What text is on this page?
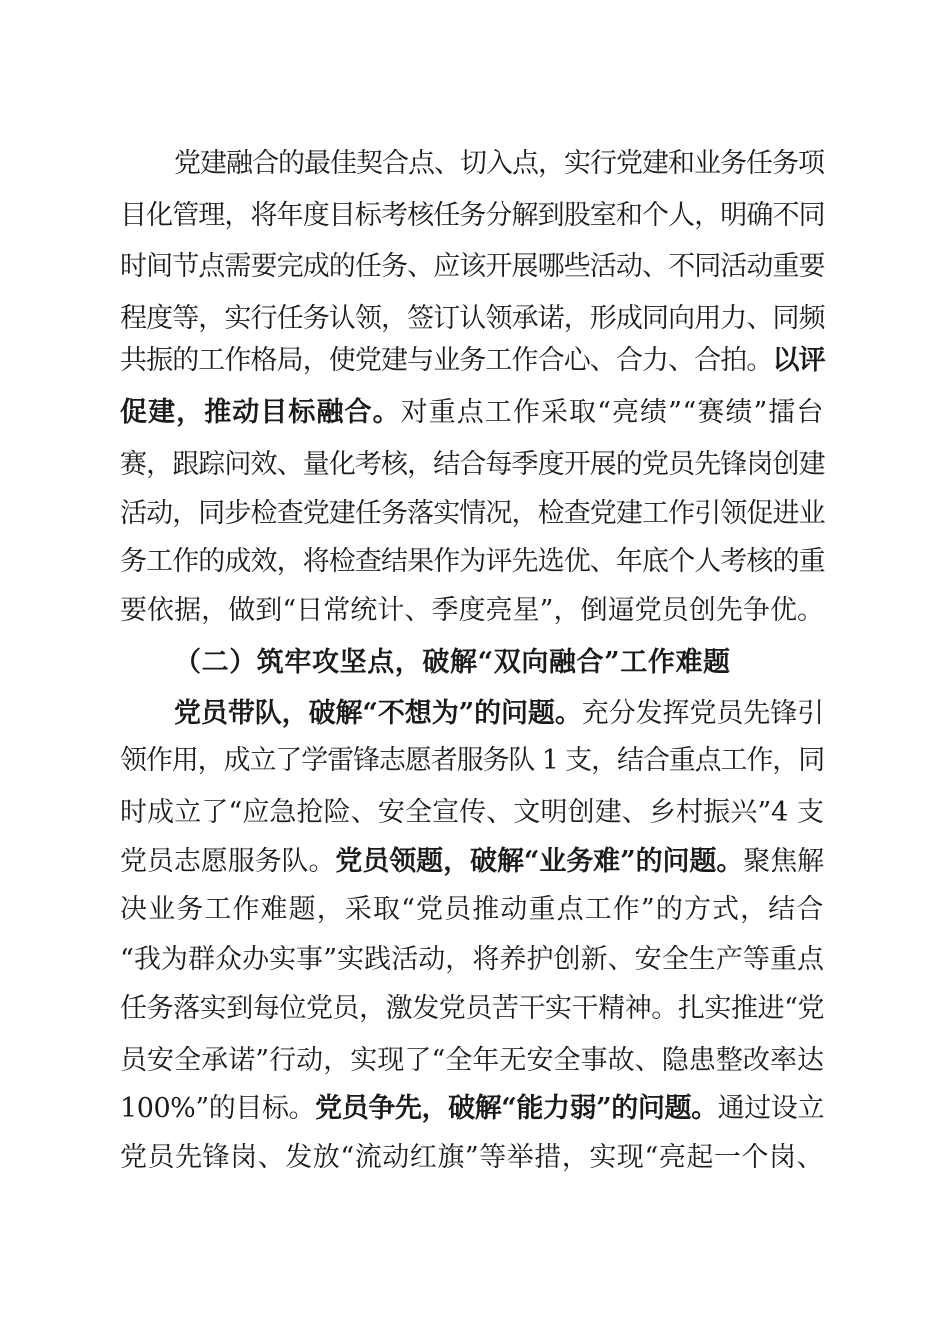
党建融合的最佳契合点、切入点，实行党建和业务任务项
目化管理，将年度目标考核任务分解到股室和个人，明确不同
时间节点需要完成的任务、应该开展哪些活动、不同活动重要
程度等，实行任务认领，签订认领承诺，形成同向用力、同频
共振的工作格局，使党建与业务工作合心、合力、合拍。以评
促建，推动目标融合。对重点工作采取“亮绩”“赛绩”擂台
赛，跟踪问效、量化考核，结合每季度开展的党员先锋岗创建
活动，同步检查党建任务落实情况，检查党建工作引领促进业
务工作的成效，将检查结果作为评先选优、年底个人考核的重
要依据，做到“日常统计、季度亮星”，倒逼党员创先争优。
（二）筑牢攻坚点，破解“双向融合”工作难题
党员带队，破解“不想为”的问题。充分发挥党员先锋引
领作用，成立了学雷锋志愿者服务队 1 支，结合重点工作，同
时成立了“应急抢险、安全宣传、文明创建、乡村振兴”4 支
党员志愿服务队。党员领题，破解“业务难”的问题。聚焦解
决业务工作难题，采取“党员推动重点工作”的方式，结合
“我为群众办实事”实践活动，将养护创新、安全生产等重点
任务落实到每位党员，激发党员苦干实干精神。扎实推进“党
员安全承诺”行动，实现了“全年无安全事故、隐患整改率达
100%”的目标。党员争先，破解“能力弱”的问题。通过设立
党员先锋岗、发放“流动红旗”等举措，实现“亮起一个岗、
